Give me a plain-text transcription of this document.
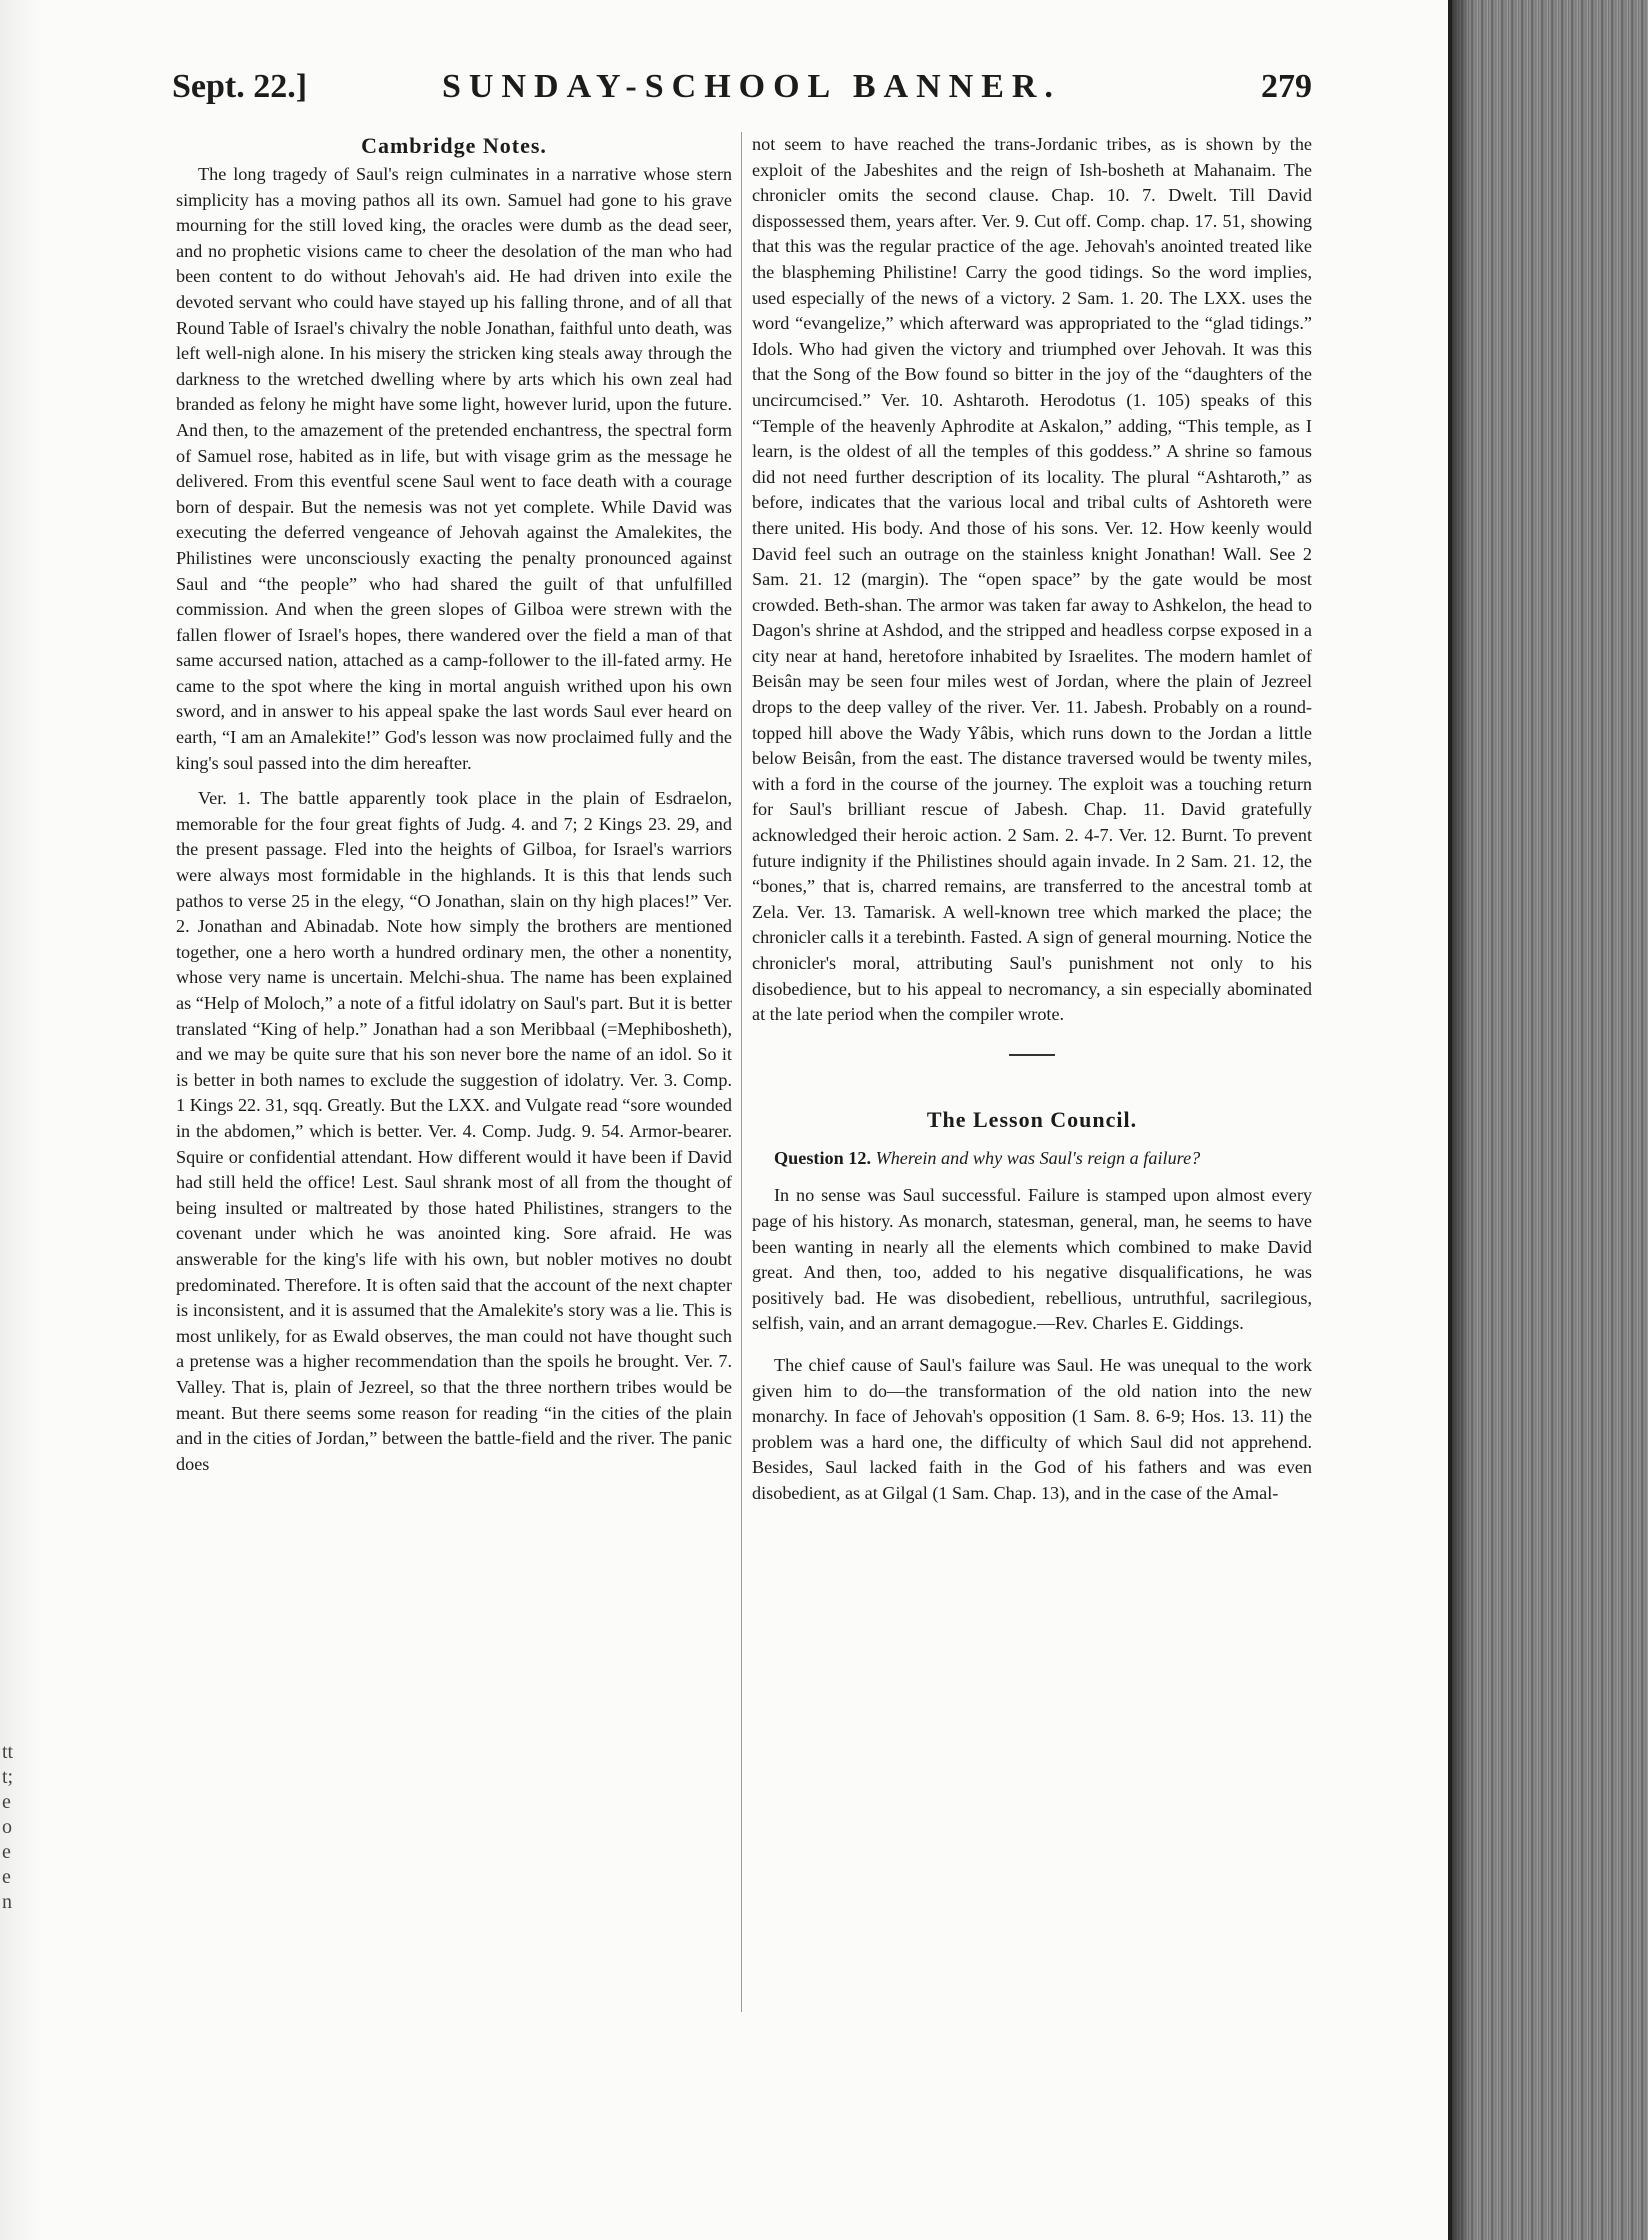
ttt;eoeen
Sept. 22.]	SUNDAY-SCHOOL BANNER.	279
Cambridge Notes.

The long tragedy of Saul's reign culminates in a narrative whose stern simplicity has a moving pathos all its own. Samuel had gone to his grave mourning for the still loved king, the oracles were dumb as the dead seer, and no prophetic visions came to cheer the desolation of the man who had been content to do without Jehovah's aid. He had driven into exile the devoted servant who could have stayed up his falling throne, and of all that Round Table of Israel's chivalry the noble Jonathan, faithful unto death, was left well-nigh alone. In his misery the stricken king steals away through the darkness to the wretched dwelling where by arts which his own zeal had branded as felony he might have some light, however lurid, upon the future. And then, to the amazement of the pretended enchantress, the spectral form of Samuel rose, habited as in life, but with visage grim as the message he delivered. From this eventful scene Saul went to face death with a courage born of despair. But the nemesis was not yet complete. While David was executing the deferred vengeance of Jehovah against the Amalekites, the Philistines were unconsciously exacting the penalty pronounced against Saul and “the people” who had shared the guilt of that unfulfilled commission. And when the green slopes of Gilboa were strewn with the fallen flower of Israel's hopes, there wandered over the field a man of that same accursed nation, attached as a camp-follower to the ill-fated army. He came to the spot where the king in mortal anguish writhed upon his own sword, and in answer to his appeal spake the last words Saul ever heard on earth, “I am an Amalekite!” God's lesson was now proclaimed fully and the king's soul passed into the dim hereafter.

Ver. 1. The battle apparently took place in the plain of Esdraelon, memorable for the four great fights of Judg. 4. and 7; 2 Kings 23. 29, and the present passage. Fled into the heights of Gilboa, for Israel's warriors were always most formidable in the highlands. It is this that lends such pathos to verse 25 in the elegy, “O Jonathan, slain on thy high places!” Ver. 2. Jonathan and Abinadab. Note how simply the brothers are mentioned together, one a hero worth a hundred ordinary men, the other a nonentity, whose very name is uncertain. Melchi-shua. The name has been explained as “Help of Moloch,” a note of a fitful idolatry on Saul's part. But it is better translated “King of help.” Jonathan had a son Meribbaal (=Mephibosheth), and we may be quite sure that his son never bore the name of an idol. So it is better in both names to exclude the suggestion of idolatry. Ver. 3. Comp. 1 Kings 22. 31, sqq. Greatly. But the LXX. and Vulgate read “sore wounded in the abdomen,” which is better. Ver. 4. Comp. Judg. 9. 54. Armor-bearer. Squire or confidential attendant. How different would it have been if David had still held the office! Lest. Saul shrank most of all from the thought of being insulted or maltreated by those hated Philistines, strangers to the covenant under which he was anointed king. Sore afraid. He was answerable for the king's life with his own, but nobler motives no doubt predominated. Therefore. It is often said that the account of the next chapter is inconsistent, and it is assumed that the Amalekite's story was a lie. This is most unlikely, for as Ewald observes, the man could not have thought such a pretense was a higher recommendation than the spoils he brought. Ver. 7. Valley. That is, plain of Jezreel, so that the three northern tribes would be meant. But there seems some reason for reading “in the cities of the plain and in the cities of Jordan,” between the battle-field and the river. The panic does

not seem to have reached the trans-Jordanic tribes, as is shown by the exploit of the Jabeshites and the reign of Ish-bosheth at Mahanaim. The chronicler omits the second clause. Chap. 10. 7. Dwelt. Till David dispossessed them, years after. Ver. 9. Cut off. Comp. chap. 17. 51, showing that this was the regular practice of the age. Jehovah's anointed treated like the blaspheming Philistine! Carry the good tidings. So the word implies, used especially of the news of a victory. 2 Sam. 1. 20. The LXX. uses the word “evangelize,” which afterward was appropriated to the “glad tidings.” Idols. Who had given the victory and triumphed over Jehovah. It was this that the Song of the Bow found so bitter in the joy of the “daughters of the uncircumcised.” Ver. 10. Ashtaroth. Herodotus (1. 105) speaks of this “Temple of the heavenly Aphrodite at Askalon,” adding, “This temple, as I learn, is the oldest of all the temples of this goddess.” A shrine so famous did not need further description of its locality. The plural “Ashtaroth,” as before, indicates that the various local and tribal cults of Ashtoreth were there united. His body. And those of his sons. Ver. 12. How keenly would David feel such an outrage on the stainless knight Jonathan! Wall. See 2 Sam. 21. 12 (margin). The “open space” by the gate would be most crowded. Beth-shan. The armor was taken far away to Ashkelon, the head to Dagon's shrine at Ashdod, and the stripped and headless corpse exposed in a city near at hand, heretofore inhabited by Israelites. The modern hamlet of Beisân may be seen four miles west of Jordan, where the plain of Jezreel drops to the deep valley of the river. Ver. 11. Jabesh. Probably on a round-topped hill above the Wady Yâbis, which runs down to the Jordan a little below Beisân, from the east. The distance traversed would be twenty miles, with a ford in the course of the journey. The exploit was a touching return for Saul's brilliant rescue of Jabesh. Chap. 11. David gratefully acknowledged their heroic action. 2 Sam. 2. 4-7. Ver. 12. Burnt. To prevent future indignity if the Philistines should again invade. In 2 Sam. 21. 12, the “bones,” that is, charred remains, are transferred to the ancestral tomb at Zela. Ver. 13. Tamarisk. A well-known tree which marked the place; the chronicler calls it a terebinth. Fasted. A sign of general mourning. Notice the chronicler's moral, attributing Saul's punishment not only to his disobedience, but to his appeal to necromancy, a sin especially abominated at the late period when the compiler wrote.

The Lesson Council.

Question 12. Wherein and why was Saul's reign a failure?

In no sense was Saul successful. Failure is stamped upon almost every page of his history. As monarch, statesman, general, man, he seems to have been wanting in nearly all the elements which combined to make David great. And then, too, added to his negative disqualifications, he was positively bad. He was disobedient, rebellious, untruthful, sacrilegious, selfish, vain, and an arrant demagogue.—Rev. Charles E. Giddings.

The chief cause of Saul's failure was Saul. He was unequal to the work given him to do—the transformation of the old nation into the new monarchy. In face of Jehovah's opposition (1 Sam. 8. 6-9; Hos. 13. 11) the problem was a hard one, the difficulty of which Saul did not apprehend. Besides, Saul lacked faith in the God of his fathers and was even disobedient, as at Gilgal (1 Sam. Chap. 13), and in the case of the Amal-
